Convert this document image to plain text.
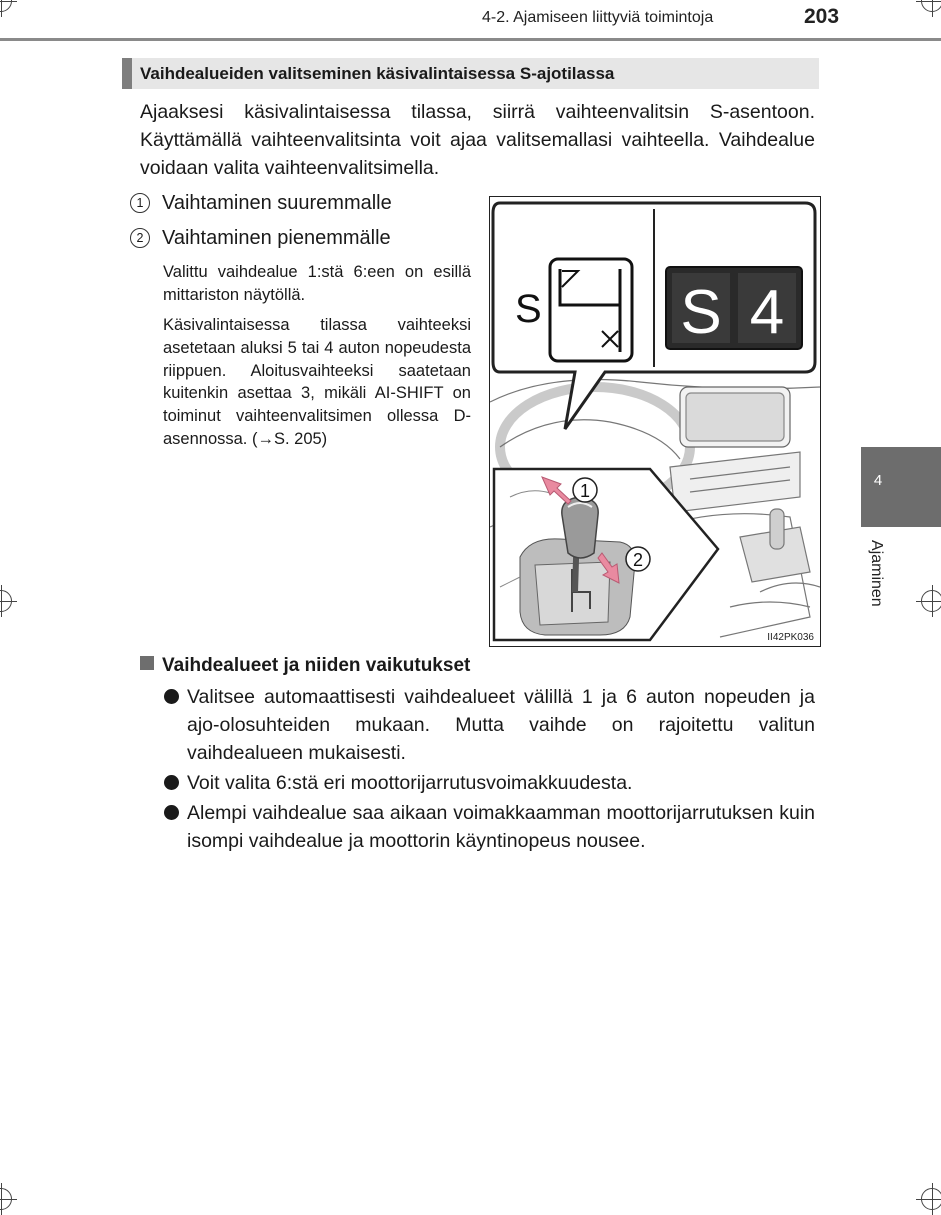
4-2. Ajamiseen liittyviä toimintoja	203
Vaihdealueiden valitseminen käsivalintaisessa S-ajotilassa
Ajaaksesi käsivalintaisessa tilassa, siirrä vaihteenvalitsin S-asentoon. Käyttämällä vaihteenvalitsinta voit ajaa valitsemallasi vaihteella. Vaihdealue voidaan valita vaihteenvalitsimella.
1 Vaihtaminen suuremmalle
2 Vaihtaminen pienemmälle
Valittu vaihdealue 1:stä 6:een on esillä mittariston näytöllä.
Käsivalintaisessa tilassa vaihteeksi asetetaan aluksi 5 tai 4 auton nopeudesta riippuen. Aloitusvaihteeksi saatetaan kuitenkin asettaa 3, mikäli AI-SHIFT on toiminut vaihteenvalitsimen ollessa D-asennossa. (→S. 205)
S S 4
1
2
II42PK036
4
Ajaminen
Vaihdealueet ja niiden vaikutukset
Valitsee automaattisesti vaihdealueet välillä 1 ja 6 auton nopeuden ja ajo-olosuhteiden mukaan. Mutta vaihde on rajoitettu valitun vaihdealueen mukaisesti.
Voit valita 6:stä eri moottorijarrutusvoimakkuudesta.
Alempi vaihdealue saa aikaan voimakkaamman moottorijarrutuksen kuin isompi vaihdealue ja moottorin käyntinopeus nousee.
